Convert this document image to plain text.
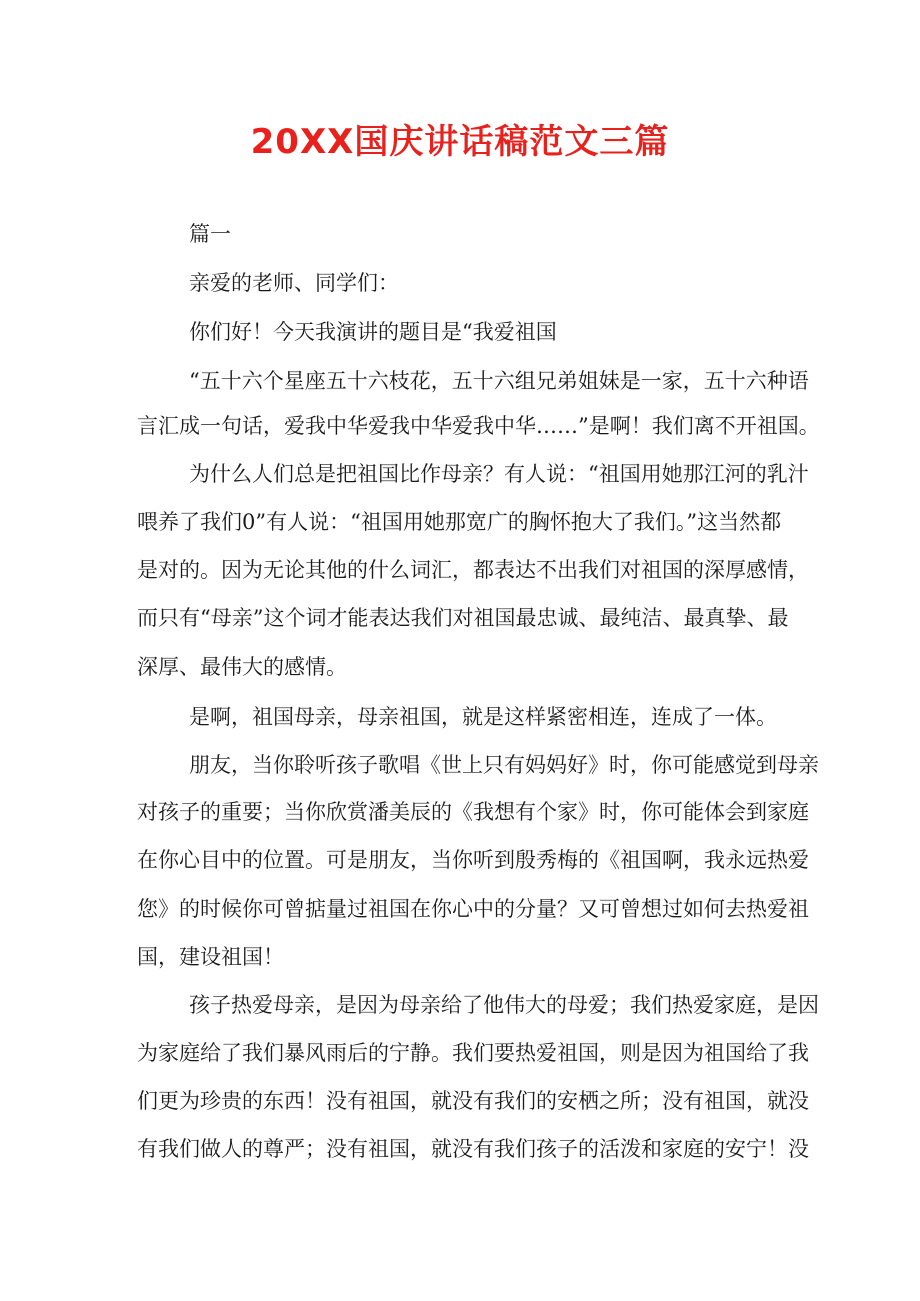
20XX国庆讲话稿范文三篇
篇一
亲爱的老师、同学们：
你们好！今天我演讲的题目是“我爱祖国
“五十六个星座五十六枝花，五十六组兄弟姐妹是一家，五十六种语
言汇成一句话，爱我中华爱我中华爱我中华……”是啊！我们离不开祖国。
为什么人们总是把祖国比作母亲？有人说：“祖国用她那江河的乳汁
喂养了我们0”有人说：“祖国用她那宽广的胸怀抱大了我们。”这当然都
是对的。因为无论其他的什么词汇，都表达不出我们对祖国的深厚感情，
而只有“母亲”这个词才能表达我们对祖国最忠诚、最纯洁、最真挚、最
深厚、最伟大的感情。
是啊，祖国母亲，母亲祖国，就是这样紧密相连，连成了一体。
朋友，当你聆听孩子歌唱《世上只有妈妈好》时，你可能感觉到母亲
对孩子的重要；当你欣赏潘美辰的《我想有个家》时，你可能体会到家庭
在你心目中的位置。可是朋友，当你听到殷秀梅的《祖国啊，我永远热爱
您》的时候你可曾掂量过祖国在你心中的分量？又可曾想过如何去热爱祖
国，建设祖国！
孩子热爱母亲，是因为母亲给了他伟大的母爱；我们热爱家庭，是因
为家庭给了我们暴风雨后的宁静。我们要热爱祖国，则是因为祖国给了我
们更为珍贵的东西！没有祖国，就没有我们的安栖之所；没有祖国，就没
有我们做人的尊严；没有祖国，就没有我们孩子的活泼和家庭的安宁！没
